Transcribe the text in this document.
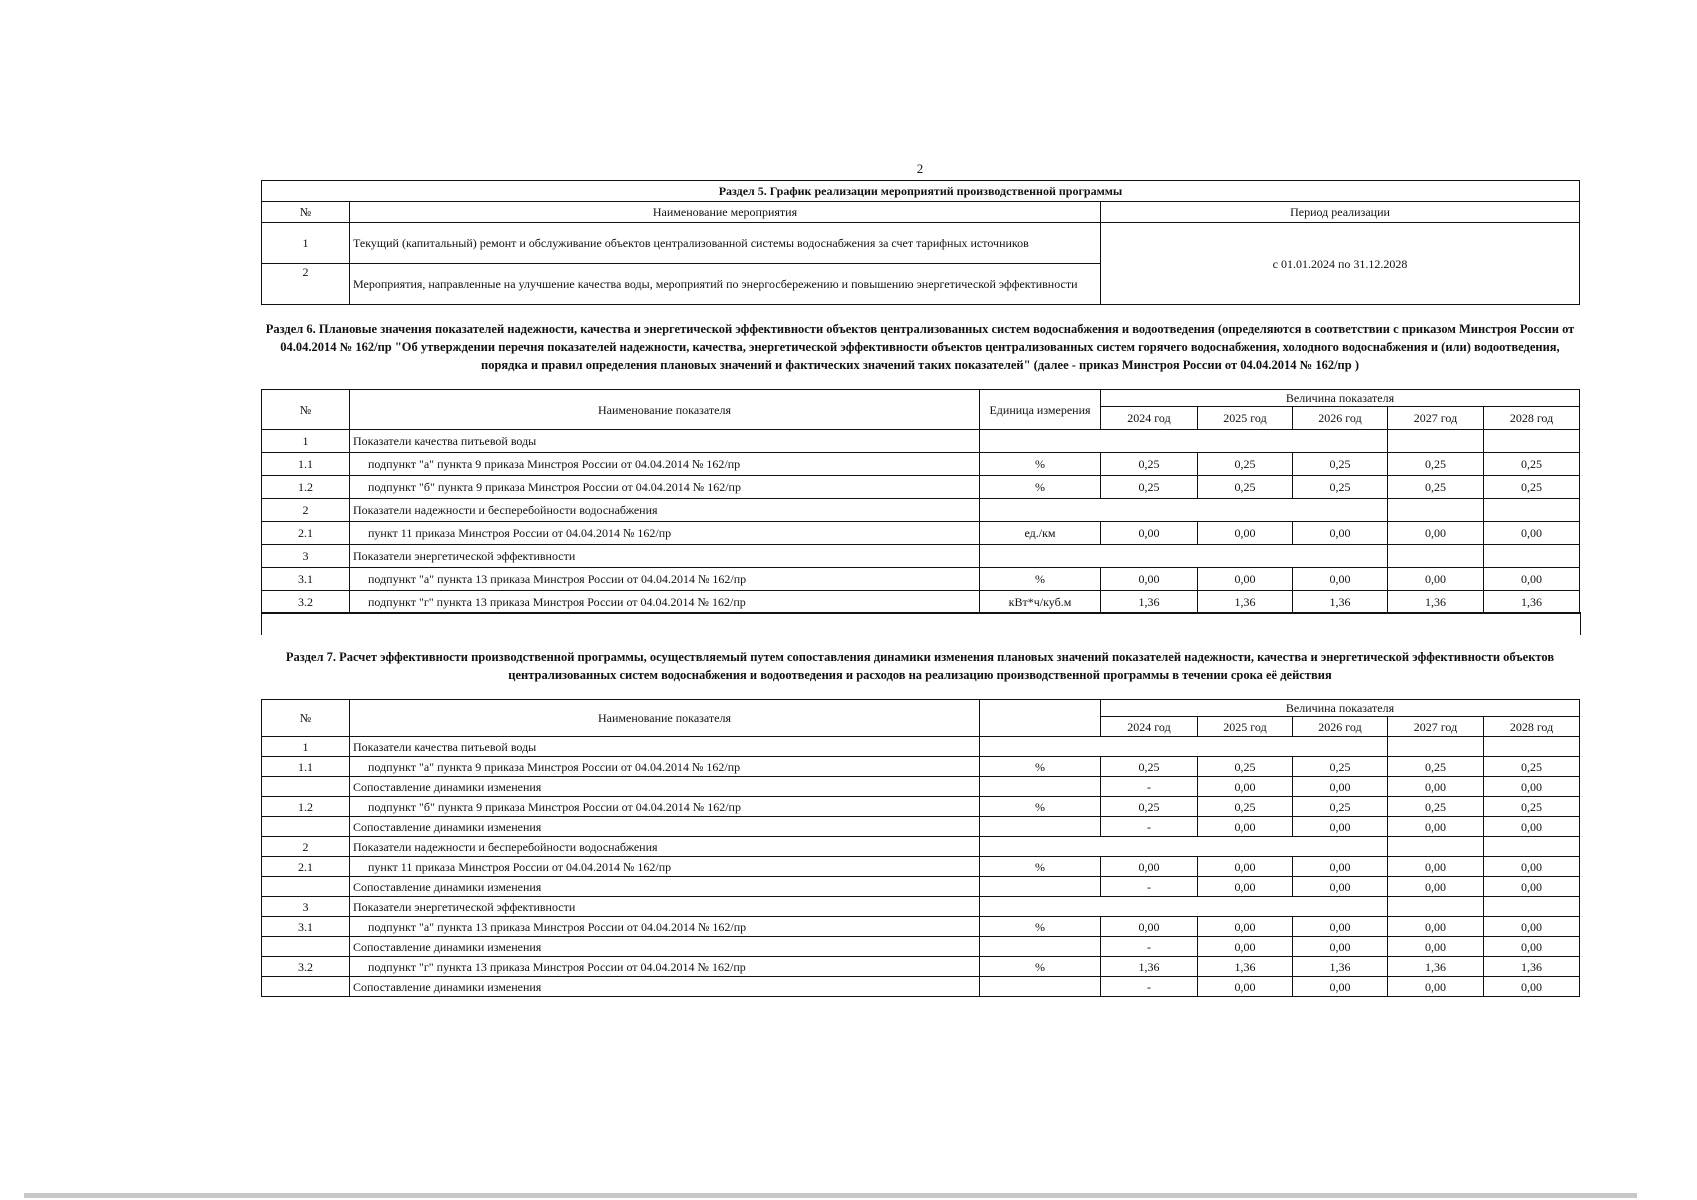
2
Раздел 5. График реализации мероприятий производственной программы		
№	Наименование мероприятия	Период реализации
1	Текущий (капитальный) ремонт и обслуживание объектов централизованной системы водоснабжения за счет тарифных источников	с 01.01.2024 по 31.12.2028
2	Мероприятия, направленные на улучшение качества воды, мероприятий по энергосбережению и повышению энергетической эффективности	
Раздел 6. Плановые значения показателей надежности, качества и энергетической эффективности объектов централизованных систем водоснабжения и водоотведения (определяются в соответствии с приказом Минстроя России от 04.04.2014 № 162/пр "Об утверждении перечня показателей надежности, качества, энергетической эффективности объектов централизованных систем горячего водоснабжения, холодного водоснабжения и (или) водоотведения, порядка и правил определения плановых значений и фактических значений таких показателей" (далее - приказ Минстроя России от 04.04.2014 № 162/пр )
№	Наименование показателя	Единица измерения	Величина показателя				
			2024 год	2025 год	2026 год	2027 год	2028 год
1	Показатели качества питьевой воды						
1.1	подпункт "а" пункта 9 приказа Минстроя России от 04.04.2014 № 162/пр	%	0,25	0,25	0,25	0,25	0,25
1.2	подпункт "б" пункта 9 приказа Минстроя России от 04.04.2014 № 162/пр	%	0,25	0,25	0,25	0,25	0,25
2	Показатели надежности и бесперебойности водоснабжения						
2.1	пункт 11 приказа Минстроя России от 04.04.2014 № 162/пр	ед./км	0,00	0,00	0,00	0,00	0,00
3	Показатели энергетической эффективности						
3.1	подпункт "а" пункта 13 приказа Минстроя России от 04.04.2014 № 162/пр	%	0,00	0,00	0,00	0,00	0,00
3.2	подпункт "г" пункта 13 приказа Минстроя России от 04.04.2014 № 162/пр	кВт*ч/куб.м	1,36	1,36	1,36	1,36	1,36
Раздел 7. Расчет эффективности производственной программы, осуществляемый путем сопоставления динамики изменения плановых значений показателей надежности, качества и энергетической эффективности объектов централизованных систем водоснабжения и водоотведения и расходов на реализацию производственной программы в течении срока её действия
№	Наименование показателя		Величина показателя				
			2024 год	2025 год	2026 год	2027 год	2028 год
1	Показатели качества питьевой воды						
1.1	подпункт "а" пункта 9 приказа Минстроя России от 04.04.2014 № 162/пр	%	0,25	0,25	0,25	0,25	0,25
	Сопоставление динамики изменения		-	0,00	0,00	0,00	0,00
1.2	подпункт "б" пункта 9 приказа Минстроя России от 04.04.2014 № 162/пр	%	0,25	0,25	0,25	0,25	0,25
	Сопоставление динамики изменения		-	0,00	0,00	0,00	0,00
2	Показатели надежности и бесперебойности водоснабжения						
2.1	пункт 11 приказа Минстроя России от 04.04.2014 № 162/пр	%	0,00	0,00	0,00	0,00	0,00
	Сопоставление динамики изменения		-	0,00	0,00	0,00	0,00
3	Показатели энергетической эффективности						
3.1	подпункт "а" пункта 13 приказа Минстроя России от 04.04.2014 № 162/пр	%	0,00	0,00	0,00	0,00	0,00
	Сопоставление динамики изменения		-	0,00	0,00	0,00	0,00
3.2	подпункт "г" пункта 13 приказа Минстроя России от 04.04.2014 № 162/пр	%	1,36	1,36	1,36	1,36	1,36
	Сопоставление динамики изменения		-	0,00	0,00	0,00	0,00
